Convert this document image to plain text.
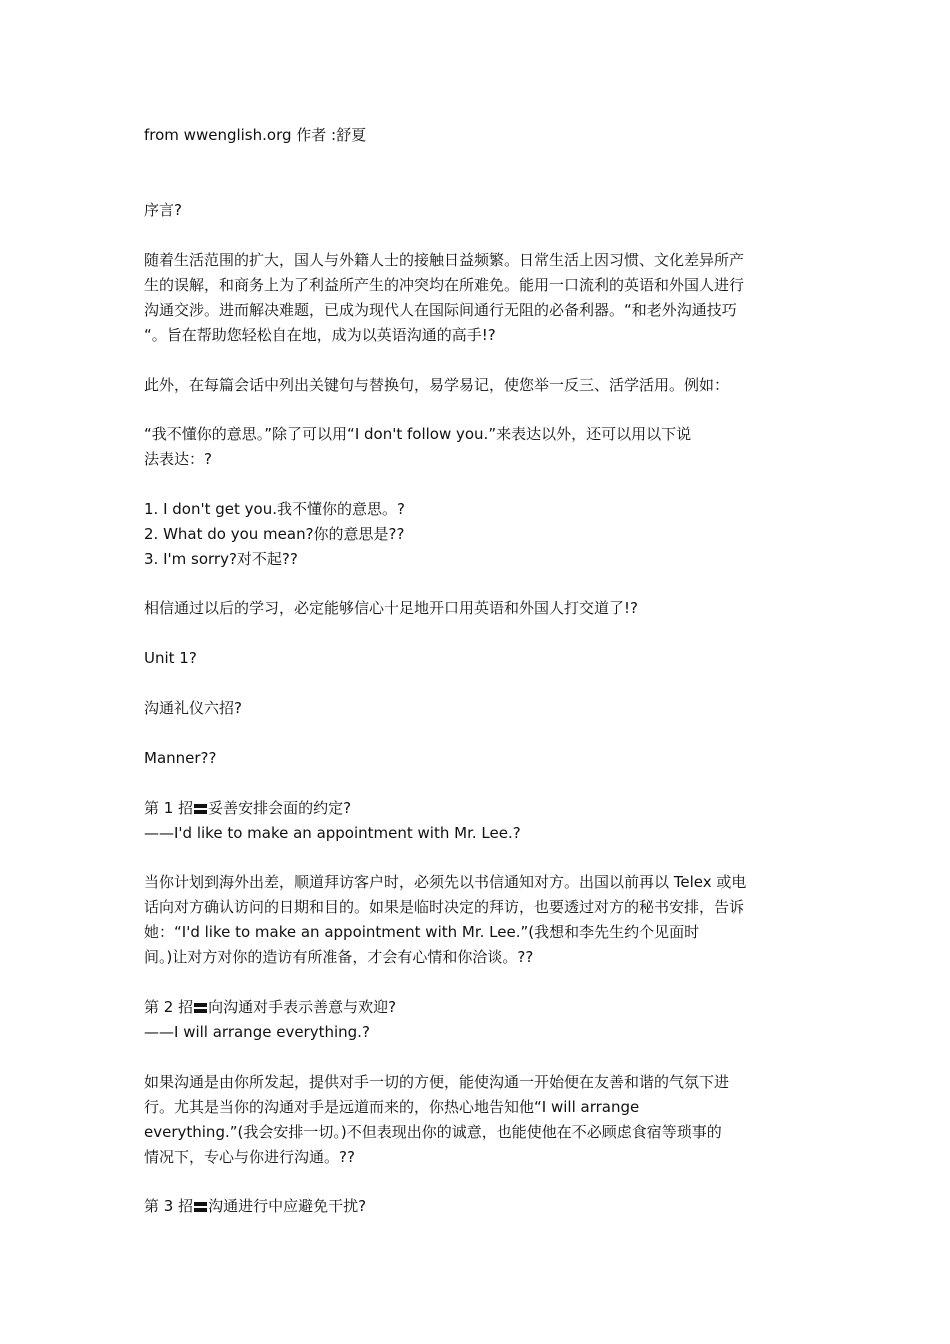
from wwenglish.org 作者 :舒夏
序言?
随着生活范围的扩大，国人与外籍人士的接触日益频繁。日常生活上因习惯、文化差异所产
生的误解，和商务上为了利益所产生的冲突均在所难免。能用一口流利的英语和外国人进行
沟通交涉。进而解决难题，已成为现代人在国际间通行无阻的必备利器。“和老外沟通技巧
“。旨在帮助您轻松自在地，成为以英语沟通的高手!?
此外，在每篇会话中列出关键句与替换句，易学易记，使您举一反三、活学活用。例如：
“我不懂你的意思。”除了可以用“I don't follow you.”来表达以外，还可以用以下说
法表达：?
1. I don't get you.我不懂你的意思。?
2. What do you mean?你的意思是??
3. I'm sorry?对不起??
相信通过以后的学习，必定能够信心十足地开口用英语和外国人打交道了!?
Unit 1?
沟通礼仪六招?
Manner??
第 1 招 妥善安排会面的约定?
——I'd like to make an appointment with Mr. Lee.?
当你计划到海外出差，顺道拜访客户时，必须先以书信通知对方。出国以前再以 Telex 或电
话向对方确认访问的日期和目的。如果是临时决定的拜访，也要透过对方的秘书安排，告诉
她：“I'd like to make an appointment with Mr. Lee.”(我想和李先生约个见面时
间。)让对方对你的造访有所准备，才会有心情和你洽谈。??
第 2 招 向沟通对手表示善意与欢迎?
——I will arrange everything.?
如果沟通是由你所发起，提供对手一切的方便，能使沟通一开始便在友善和谐的气氛下进
行。尤其是当你的沟通对手是远道而来的，你热心地告知他“I will arrange
everything.”(我会安排一切。)不但表现出你的诚意，也能使他在不必顾虑食宿等琐事的
情况下，专心与你进行沟通。??
第 3 招 沟通进行中应避免干扰?
